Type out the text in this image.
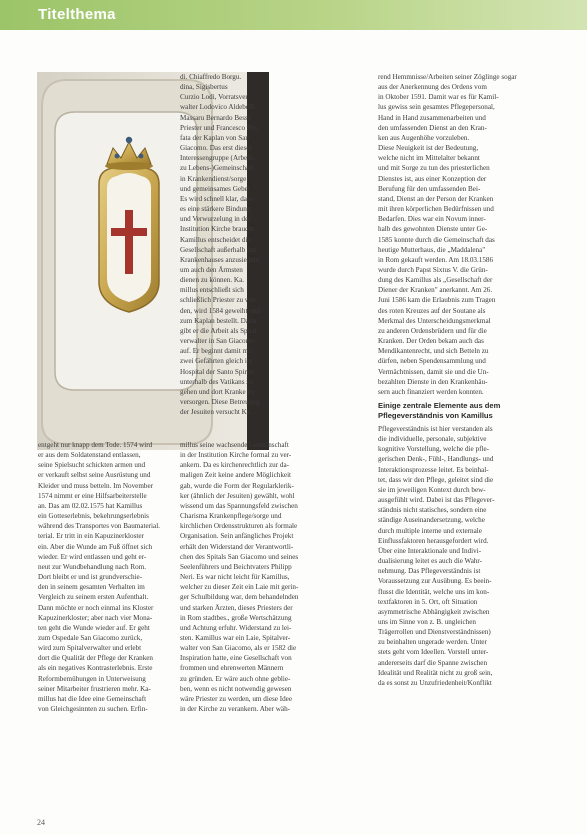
Titelthema

di. Chiaffredo Borgu.

dina, Sigisbertus

Curzio Lodi, Vorratsver.

walter Lodovico Aldebelli

Massaru Bernardo Bessi,

Priester und Francesco Pro.

fata der Kaplan von San

Giacomo. Das erst dieser

Interessengruppe (Arbeits.

zu Lebens-)Gemeinschaft

in Krankendienst/sorge

und gemeinsames Gebet

Es wird schnell klar, dass

es eine stärkere Bindung

und Verwurzelung in der

Institution Kirche braucht.

Kamillus entscheidet die

Gesellschaft außerhalb des

Krankenhauses anzusiedeln

um auch den Ärmsten

dienen zu können. Ka.

millus entschließt sich

schließlich Priester zu wer.

den, wird 1584 geweiht und

zum Kaplan bestellt. Dann

gibt er die Arbeit als Spital.

verwalter in San Giacomo

auf. Er beginnt damit mit

zwei Gefährten gleich im

Hospital der Santo Spirito

unterhalb des Vatikans zu

gehen und dort Kranke zu

versorgen. Diese Betreuung

der Jesuiten versucht Ka.

entgeht nur knapp dem Tode. 1574 wird

er aus dem Soldatenstand entlassen,

seine Spielsucht schickten armen und

er verkauft selbst seine Ausrüstung und

Kleider und muss betteln. Im November

1574 nimmt er eine Hilfsarbeiterstelle

an. Das am 02.02.1575 hat Kamillus

ein Gotteserlebnis, bekehrungserlebnis

während des Transportes von Baumaterial.

terial. Er tritt in ein Kapuzinerkloster

ein. Aber die Wunde am Fuß öffnet sich

wieder. Er wird entlassen und geht er-

neut zur Wundbehandlung nach Rom.

Dort bleibt er und ist grundverschie-

den in seinem gesamten Verhalten im

Vergleich zu seinem ersten Aufenthalt.

Dann möchte er noch einmal ins Kloster

Kapuzinerkloster; aber nach vier Mona-

ten geht die Wunde wieder auf. Er geht

zum Ospedale San Giacomo zurück,

wird zum Spitalverwalter und erlebt

dort die Qualität der Pflege der Kranken

als ein negatives Kontrasterlebnis. Erste

Reformbemühungen in Unterweisung

seiner Mitarbeiter frustrieren mehr. Ka-

millus hat die Idee eine Gemeinschaft

von Gleichgesinnten zu suchen. Erfin-

millus seine wachsende Gemeinschaft

in der Institution Kirche formal zu ver-

ankern. Da es kirchenrechtlich zur da-

maligen Zeit keine andere Möglichkeit

gab, wurde die Form der Regularklerik-

ker (ähnlich der Jesuiten) gewählt, wohl

wissend um das Spannungsfeld zwischen

Charisma Krankenpflege/sorge und

kirchlichen Ordensstrukturen als formale

Organisation. Sein anfängliches Projekt

erhält den Widerstand der Verantwortli-

chen des Spitals San Giacomo und seines

Seelenführers und Beichtvaters Philipp

Neri. Es war nicht leicht für Kamillus,

welcher zu dieser Zeit ein Laie mit gerin-

ger Schulbildung war, dem behandelnden

und starken Ärzten, dieses Priesters der

in Rom stadtbes., große Wertschätzung

und Achtung erfuhr. Widerstand zu lei-

sten. Kamillus war ein Laie, Spitalver-

walter von San Giacomo, als er 1582 die

Inspiration hatte, eine Gesellschaft von

frommen und ehrenwerten Männern

zu gründen. Er wäre auch ohne geblie-

ben, wenn es nicht notwendig gewesen

wäre Priester zu werden, um diese Idee

in der Kirche zu verankern. Aber wäh-

rend Hemmnisse/Arbeiten seiner Zöglinge sogar

aus der Anerkennung des Ordens vom

in Oktober 1591. Damit war es für Kamil-

lus gewiss sein gesamtes Pflegepersonal,

Hand in Hand zusammenarbeiten und

den umfassenden Dienst an den Kran-

ken aus Augenhöhe vorzuleben.

Diese Neuigkeit ist der Bedeutung,

welche nicht im Mittelalter bekannt

und mit Sorge zu tun des priesterlichen

Dienstes ist, aus einer Konzeption der

Berufung für den umfassenden Bei-

stand, Dienst an der Person der Kranken

mit ihren körperlichen Bedürfnissen und

Bedarfen. Dies war ein Novum inner-

halb des gewohnten Dienste unter Ge-

1585 konnte durch die Gemeinschaft das

heutige Mutterhaus, die „Maddalena"

in Rom gekauft werden. Am 18.03.1586

wurde durch Papst Sixtus V. die Grün-

dung des Kamillus als „Gesellschaft der

Diener der Kranken" anerkannt. Am 26.

Juni 1586 kam die Erlaubnis zum Tragen

des roten Kreuzes auf der Soutane als

Merkmal des Unterscheidungsmerkmal

zu anderen Ordensbrüdern und für die

Kranken. Der Orden bekam auch das

Mendikantenrecht, und sich Betteln zu

dürfen, neben Spendensammlung und

Vermächtnissen, damit sie und die Un-

bezahlten Dienste in den Krankenhäu-

sern auch finanziert werden konnten.

Einige zentrale Elemente aus dem
Pflegeverständnis von Kamillus

Pflegeverständnis ist hier verstanden als

die individuelle, personale, subjektive

kognitive Vorstellung, welche die pfle-

gerischen Denk-, Fühl-, Handlungs- und

Interaktionsprozesse leitet. Es beinhal-

tet, dass wir den Pflege, geleitet sind die

sie im jeweiligen Kontext durch bew-

ausgefühlt wird. Dabei ist das Pflegever-

ständnis nicht statisches, sondern eine

ständige Auseinandersetzung, welche

durch multiple interne und externale

Einflussfaktoren herausgefordert wird.

Über eine Interaktionale und Indivi-

dualisierung leitet es auch die Wahr-

nehmung. Das Pflegeverständnis ist

Voraussetzung zur Ausübung. Es beein-

flusst die Identität, welche uns im kon-

textfaktoren in 5. Ort, oft Situation

asymmetrische Abhängigkeit zwischen

uns im Sinne von z. B. ungleichen

Trägerrollen und Dienstverständnissen)

zu beinhalten ungerade werden. Unter

stets geht vom Ideellen. Vorstell unter-

andererseits darf die Spanne zwischen

Idealität und Realität nicht zu groß sein,

da es sonst zu Unzufriedenheit/Konflikt

24
